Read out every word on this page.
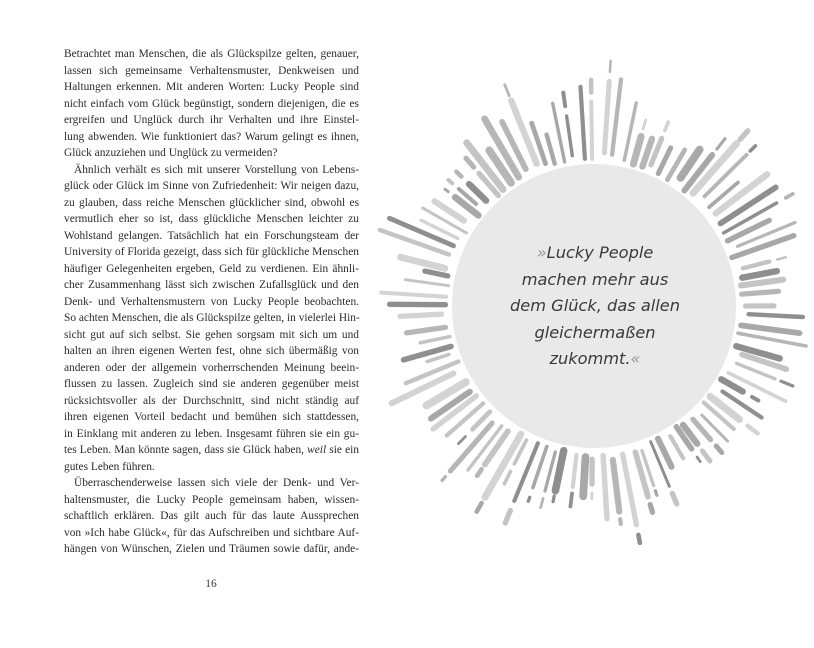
Betrachtet man Menschen, die als Glückspilze gelten, genauer,
lassen sich gemeinsame Verhaltensmuster, Denkweisen und
Haltungen erkennen. Mit anderen Worten: Lucky People sind
nicht einfach vom Glück begünstigt, sondern diejenigen, die es
ergreifen und Unglück durch ihr Verhalten und ihre Einstel-
lung abwenden. Wie funktioniert das? Warum gelingt es ihnen,
Glück anzuziehen und Unglück zu vermeiden?
Ähnlich verhält es sich mit unserer Vorstellung von Lebens-
glück oder Glück im Sinne von Zufriedenheit: Wir neigen dazu,
zu glauben, dass reiche Menschen glücklicher sind, obwohl es
vermutlich eher so ist, dass glückliche Menschen leichter zu
Wohlstand gelangen. Tatsächlich hat ein Forschungsteam der
University of Florida gezeigt, dass sich für glückliche Menschen
häufiger Gelegenheiten ergeben, Geld zu verdienen. Ein ähnli-
cher Zusammenhang lässt sich zwischen Zufallsglück und den
Denk- und Verhaltensmustern von Lucky People beobachten.
So achten Menschen, die als Glückspilze gelten, in vielerlei Hin-
sicht gut auf sich selbst. Sie gehen sorgsam mit sich um und
halten an ihren eigenen Werten fest, ohne sich übermäßig von
anderen oder der allgemein vorherrschenden Meinung beein-
flussen zu lassen. Zugleich sind sie anderen gegenüber meist
rücksichtsvoller als der Durchschnitt, sind nicht ständig auf
ihren eigenen Vorteil bedacht und bemühen sich stattdessen,
in Einklang mit anderen zu leben. Insgesamt führen sie ein gu-
tes Leben. Man könnte sagen, dass sie Glück haben, weil sie ein
gutes Leben führen.
Überraschenderweise lassen sich viele der Denk- und Ver-
haltensmuster, die Lucky People gemeinsam haben, wissen-
schaftlich erklären. Das gilt auch für das laute Aussprechen
von »Ich habe Glück«, für das Aufschreiben und sichtbare Auf-
hängen von Wünschen, Zielen und Träumen sowie dafür, ande-
16
»Lucky People
machen mehr aus
dem Glück, das allen
gleichermaßen
zukommt.«
